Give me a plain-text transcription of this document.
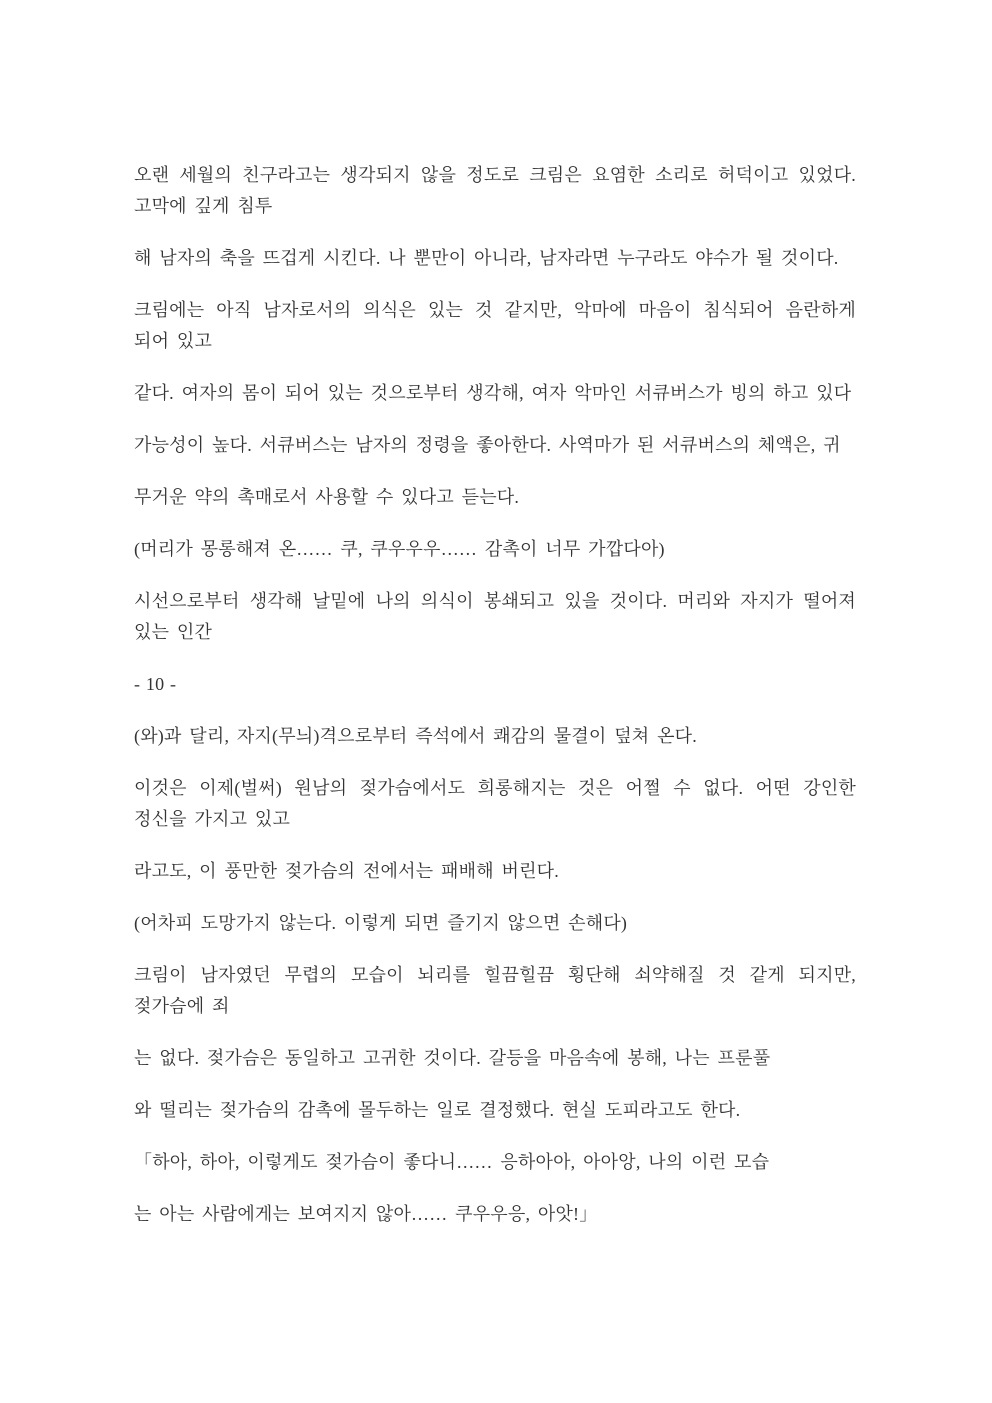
오랜 세월의 친구라고는 생각되지 않을 정도로 크림은 요염한 소리로 허덕이고 있었다. 고막에 깊게 침투

해 남자의 축을 뜨겁게 시킨다. 나 뿐만이 아니라, 남자라면 누구라도 야수가 될 것이다.

크림에는 아직 남자로서의 의식은 있는 것 같지만, 악마에 마음이 침식되어 음란하게 되어 있고

같다. 여자의 몸이 되어 있는 것으로부터 생각해, 여자 악마인 서큐버스가 빙의 하고 있다

가능성이 높다. 서큐버스는 남자의 정령을 좋아한다. 사역마가 된 서큐버스의 체액은, 귀

무거운 약의 촉매로서 사용할 수 있다고 듣는다.

(머리가 몽롱해져 온…… 쿠, 쿠우우우…… 감촉이 너무 가깝다아)

시선으로부터 생각해 날밑에 나의 의식이 봉쇄되고 있을 것이다. 머리와 자지가 떨어져 있는 인간

- 10 -

(와)과 달리, 자지(무늬)격으로부터 즉석에서 쾌감의 물결이 덮쳐 온다.

이것은 이제(벌써) 원남의 젖가슴에서도 희롱해지는 것은 어쩔 수 없다. 어떤 강인한 정신을 가지고 있고

라고도, 이 풍만한 젖가슴의 전에서는 패배해 버린다.

(어차피 도망가지 않는다. 이렇게 되면 즐기지 않으면 손해다)

크림이 남자였던 무렵의 모습이 뇌리를 힐끔힐끔 횡단해 쇠약해질 것 같게 되지만, 젖가슴에 죄

는 없다. 젖가슴은 동일하고 고귀한 것이다. 갈등을 마음속에 봉해, 나는 프룬풀

와 떨리는 젖가슴의 감촉에 몰두하는 일로 결정했다. 현실 도피라고도 한다.

「하아, 하아, 이렇게도 젖가슴이 좋다니…… 응하아아, 아아앙, 나의 이런 모습

는 아는 사람에게는 보여지지 않아…… 쿠우우응, 아앗!」
